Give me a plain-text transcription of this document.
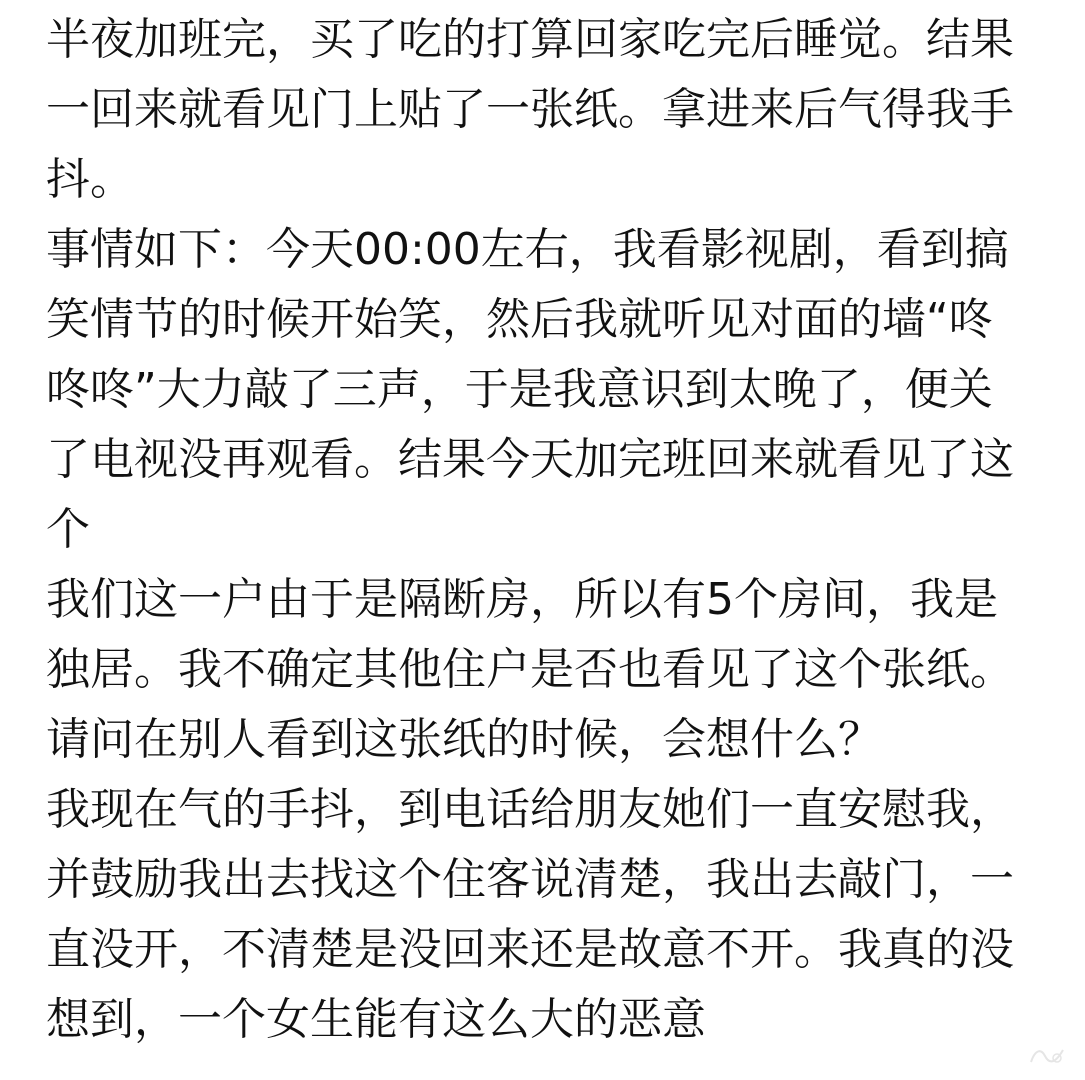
半夜加班完，买了吃的打算回家吃完后睡觉。结果
一回来就看见门上贴了一张纸。拿进来后气得我手
抖。
事情如下：今天00:00左右，我看影视剧，看到搞
笑情节的时候开始笑，然后我就听见对面的墙“咚
咚咚”大力敲了三声，于是我意识到太晚了，便关
了电视没再观看。结果今天加完班回来就看见了这
个
我们这一户由于是隔断房，所以有5个房间，我是
独居。我不确定其他住户是否也看见了这个张纸。
请问在别人看到这张纸的时候，会想什么？
我现在气的手抖，到电话给朋友她们一直安慰我，
并鼓励我出去找这个住客说清楚，我出去敲门，一
直没开，不清楚是没回来还是故意不开。我真的没
想到，一个女生能有这么大的恶意
